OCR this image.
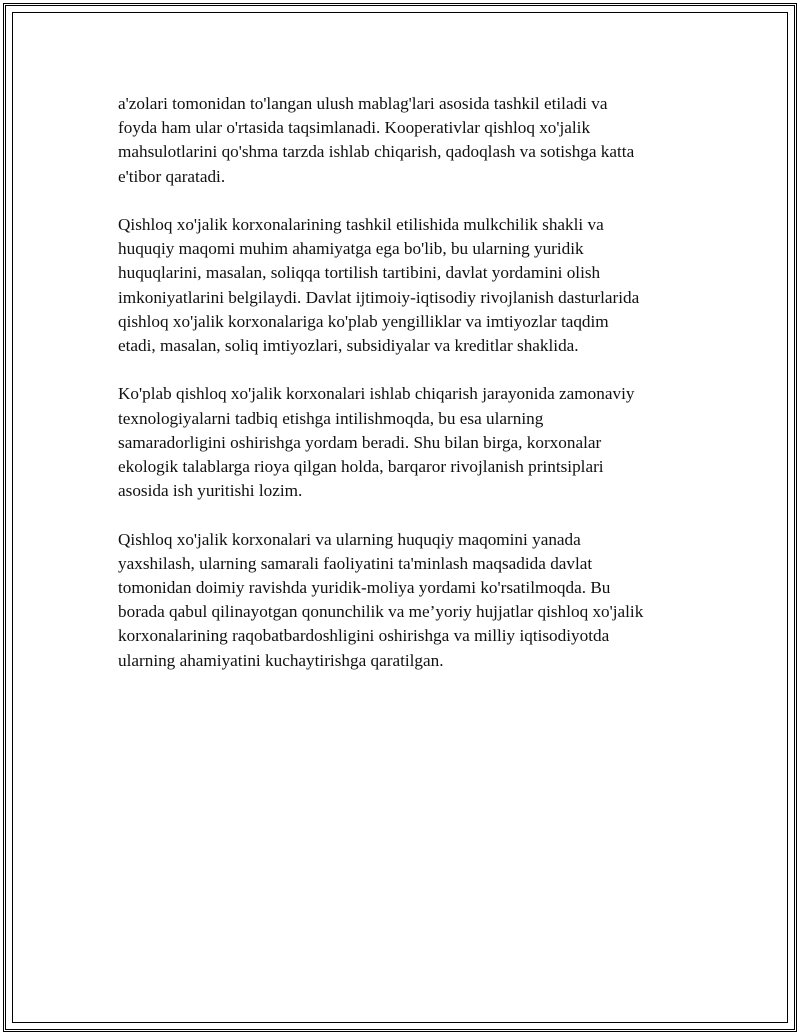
a'zolari tomonidan to'langan ulush mablag'lari asosida tashkil etiladi va
foyda ham ular o'rtasida taqsimlanadi. Kooperativlar qishloq xo'jalik
mahsulotlarini qo'shma tarzda ishlab chiqarish, qadoqlash va sotishga katta
e'tibor qaratadi.

Qishloq xo'jalik korxonalarining tashkil etilishida mulkchilik shakli va
huquqiy maqomi muhim ahamiyatga ega bo'lib, bu ularning yuridik
huquqlarini, masalan, soliqqa tortilish tartibini, davlat yordamini olish
imkoniyatlarini belgilaydi. Davlat ijtimoiy-iqtisodiy rivojlanish dasturlarida
qishloq xo'jalik korxonalariga ko'plab yengilliklar va imtiyozlar taqdim
etadi, masalan, soliq imtiyozlari, subsidiyalar va kreditlar shaklida.

Ko'plab qishloq xo'jalik korxonalari ishlab chiqarish jarayonida zamonaviy
texnologiyalarni tadbiq etishga intilishmoqda, bu esa ularning
samaradorligini oshirishga yordam beradi. Shu bilan birga, korxonalar
ekologik talablarga rioya qilgan holda, barqaror rivojlanish printsiplari
asosida ish yuritishi lozim.

Qishloq xo'jalik korxonalari va ularning huquqiy maqomini yanada
yaxshilash, ularning samarali faoliyatini ta'minlash maqsadida davlat
tomonidan doimiy ravishda yuridik-moliya yordami ko'rsatilmoqda. Bu
borada qabul qilinayotgan qonunchilik va me’yoriy hujjatlar qishloq xo'jalik
korxonalarining raqobatbardoshligini oshirishga va milliy iqtisodiyotda
ularning ahamiyatini kuchaytirishga qaratilgan.
